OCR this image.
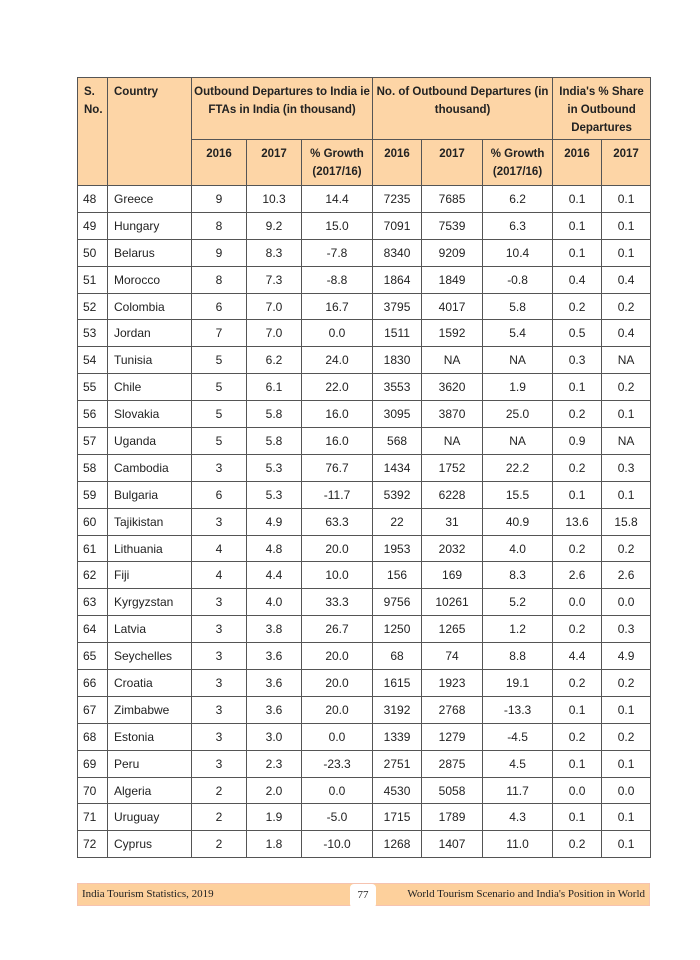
S. No.	Country	Outbound Departures to India ie FTAs in India (in thousand)			No. of Outbound Departures (in thousand)			India's % Share in Outbound Departures	
		2016	2017	% Growth (2017/16)	2016	2017	% Growth (2017/16)	2016	2017
48	Greece	9	10.3	14.4	7235	7685	6.2	0.1	0.1
49	Hungary	8	9.2	15.0	7091	7539	6.3	0.1	0.1
50	Belarus	9	8.3	-7.8	8340	9209	10.4	0.1	0.1
51	Morocco	8	7.3	-8.8	1864	1849	-0.8	0.4	0.4
52	Colombia	6	7.0	16.7	3795	4017	5.8	0.2	0.2
53	Jordan	7	7.0	0.0	1511	1592	5.4	0.5	0.4
54	Tunisia	5	6.2	24.0	1830	NA	NA	0.3	NA
55	Chile	5	6.1	22.0	3553	3620	1.9	0.1	0.2
56	Slovakia	5	5.8	16.0	3095	3870	25.0	0.2	0.1
57	Uganda	5	5.8	16.0	568	NA	NA	0.9	NA
58	Cambodia	3	5.3	76.7	1434	1752	22.2	0.2	0.3
59	Bulgaria	6	5.3	-11.7	5392	6228	15.5	0.1	0.1
60	Tajikistan	3	4.9	63.3	22	31	40.9	13.6	15.8
61	Lithuania	4	4.8	20.0	1953	2032	4.0	0.2	0.2
62	Fiji	4	4.4	10.0	156	169	8.3	2.6	2.6
63	Kyrgyzstan	3	4.0	33.3	9756	10261	5.2	0.0	0.0
64	Latvia	3	3.8	26.7	1250	1265	1.2	0.2	0.3
65	Seychelles	3	3.6	20.0	68	74	8.8	4.4	4.9
66	Croatia	3	3.6	20.0	1615	1923	19.1	0.2	0.2
67	Zimbabwe	3	3.6	20.0	3192	2768	-13.3	0.1	0.1
68	Estonia	3	3.0	0.0	1339	1279	-4.5	0.2	0.2
69	Peru	3	2.3	-23.3	2751	2875	4.5	0.1	0.1
70	Algeria	2	2.0	0.0	4530	5058	11.7	0.0	0.0
71	Uruguay	2	1.9	-5.0	1715	1789	4.3	0.1	0.1
72	Cyprus	2	1.8	-10.0	1268	1407	11.0	0.2	0.1
India Tourism Statistics, 2019	77	World Tourism Scenario and India's Position in World
